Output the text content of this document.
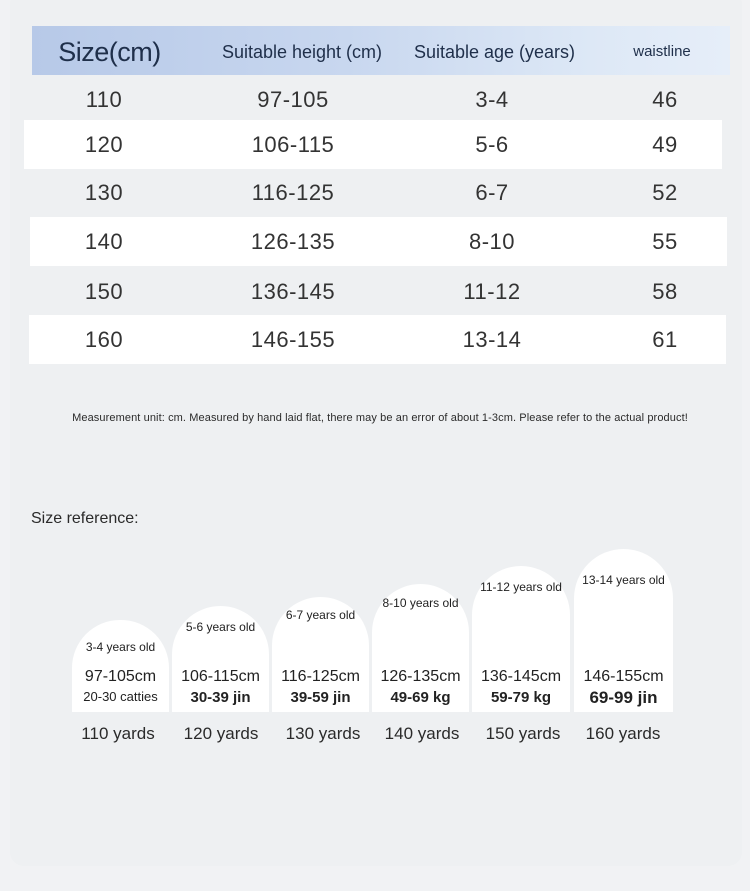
Size(cm)	Suitable height (cm)	Suitable age (years)	waistline
110	97-105	3-4	46
120	106-115	5-6	49
130	116-125	6-7	52
140	126-135	8-10	55
150	136-145	11-12	58
160	146-155	13-14	61
Measurement unit: cm. Measured by hand laid flat, there may be an error of about 1-3cm. Please refer to the actual product!
Size reference:
3-4 years old
97-105cm
20-30 catties
5-6 years old
106-115cm
30-39 jin
6-7 years old
116-125cm
39-59 jin
8-10 years old
126-135cm
49-69 kg
11-12 years old
136-145cm
59-79 kg
13-14 years old
146-155cm
69-99 jin
110 yards	120 yards	130 yards	140 yards	150 yards	160 yards
